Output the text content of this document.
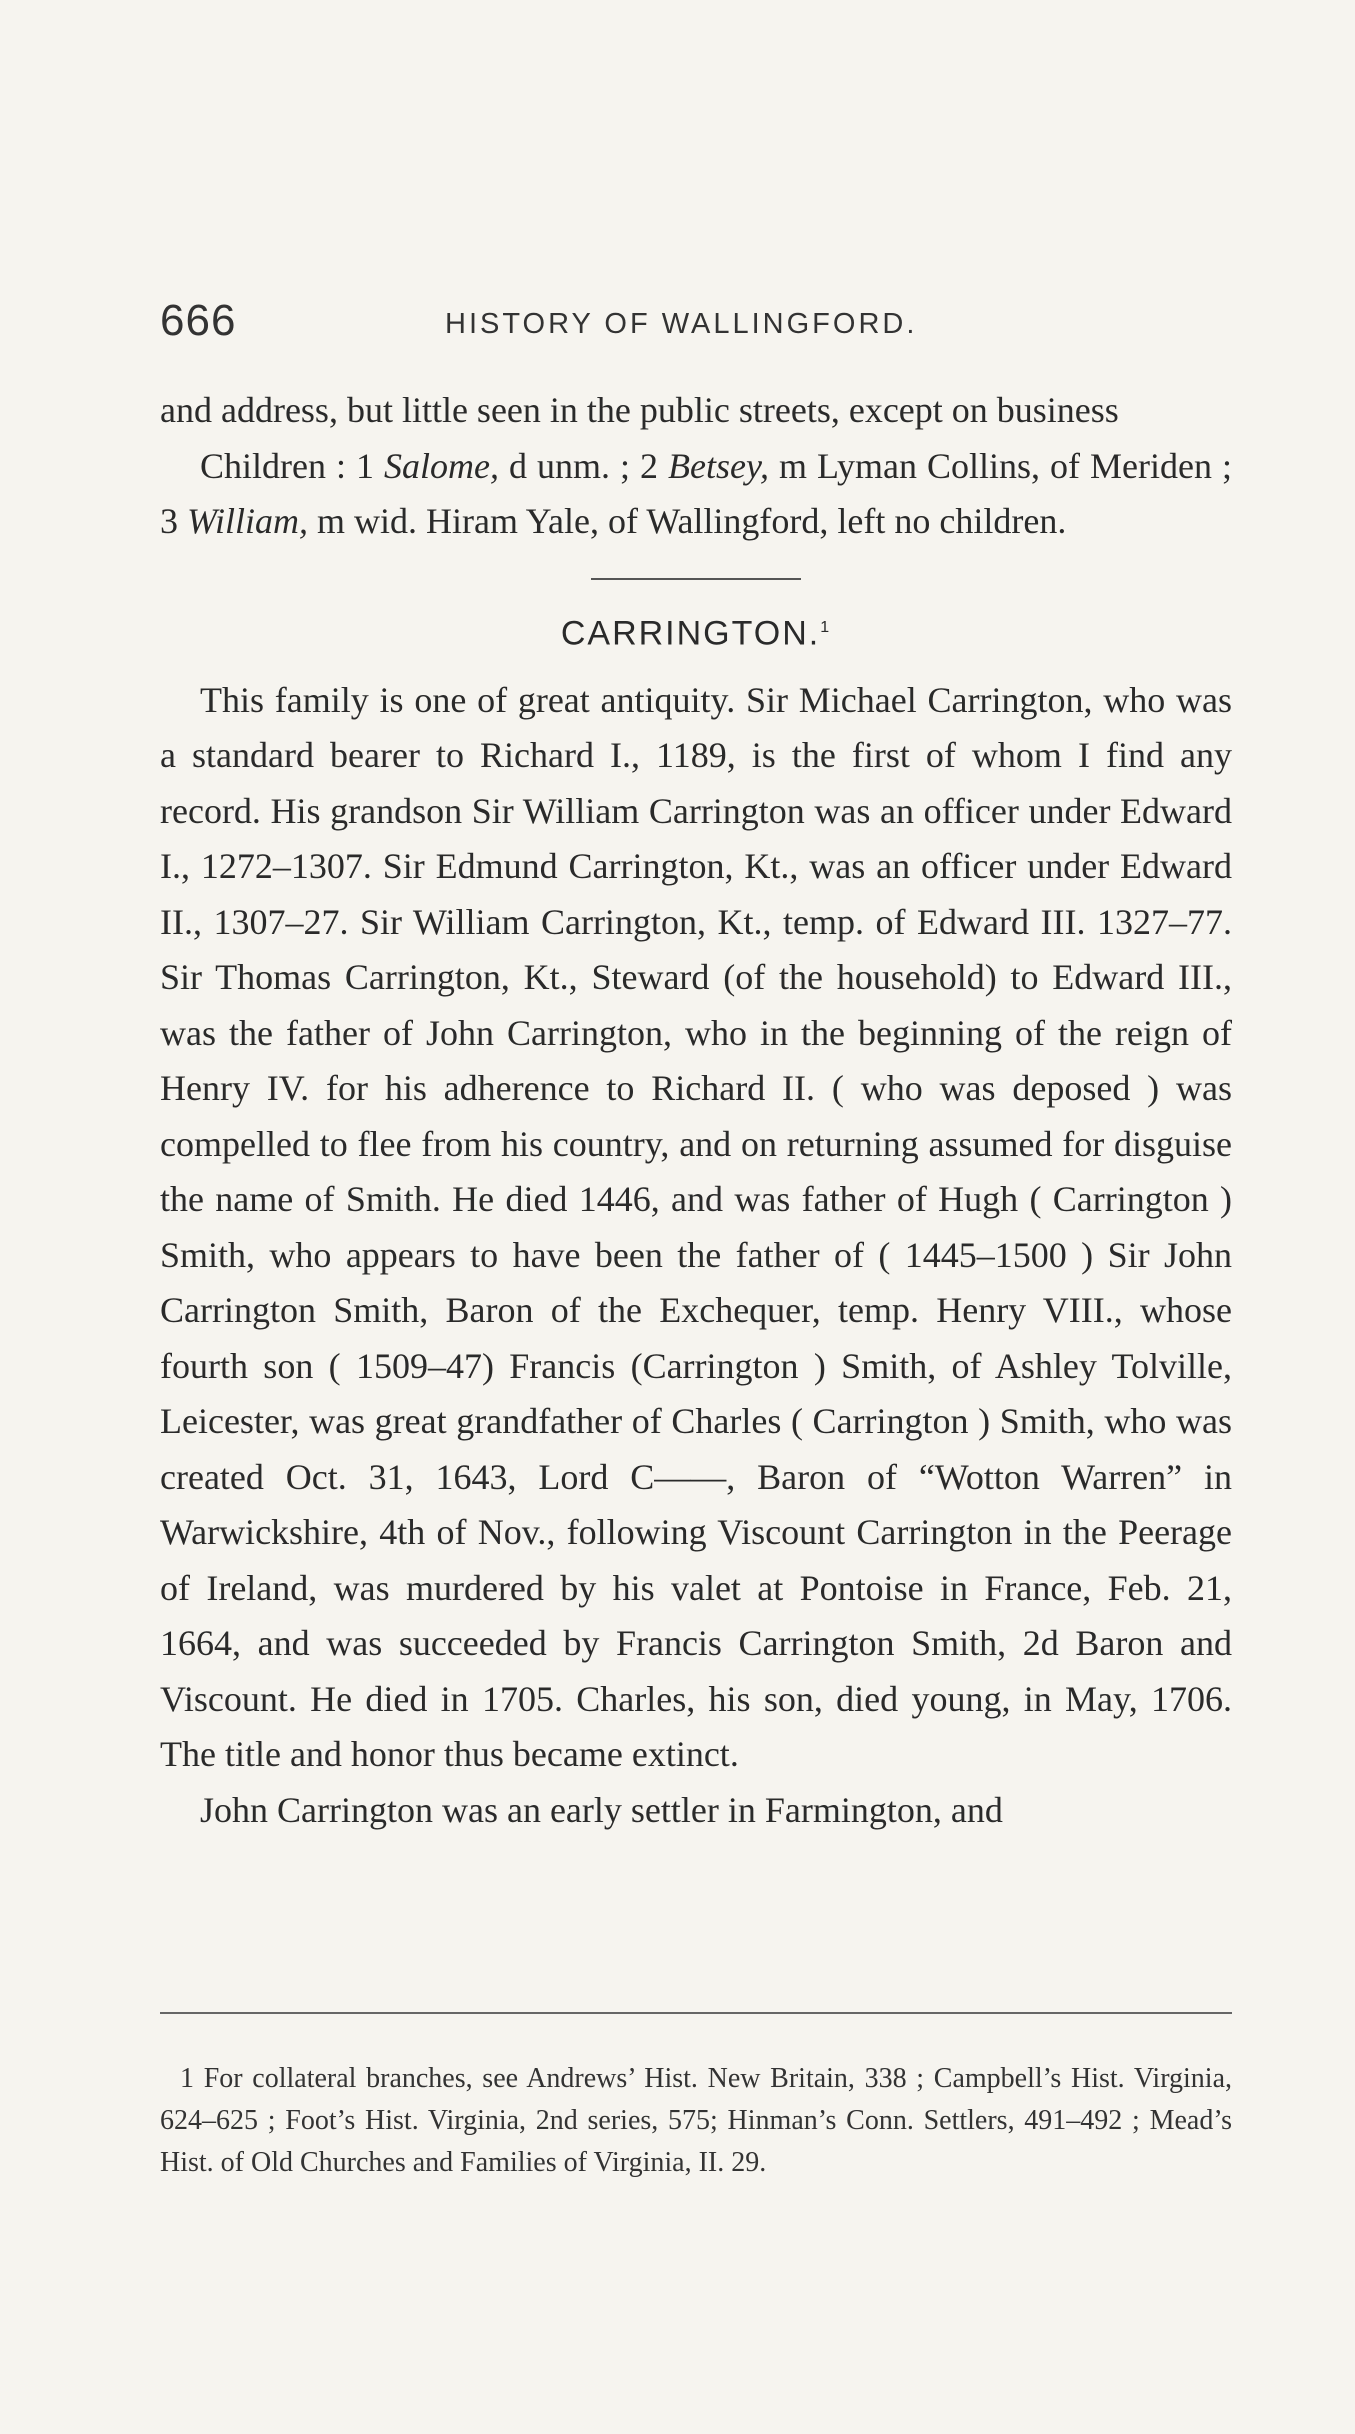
666	HISTORY OF WALLINGFORD.

and address, but little seen in the public streets, except on business

Children : 1 Salome, d unm. ; 2 Betsey, m Lyman Collins, of Meriden ; 3 William, m wid. Hiram Yale, of Wallingford, left no children.

CARRINGTON.$^1$

This family is one of great antiquity. Sir Michael Carrington, who was a standard bearer to Richard I., 1189, is the first of whom I find any record. His grandson Sir William Carrington was an officer under Edward I., 1272–1307. Sir Edmund Carrington, Kt., was an officer under Edward II., 1307–27. Sir William Carrington, Kt., temp. of Edward III. 1327–77. Sir Thomas Carrington, Kt., Steward (of the household) to Edward III., was the father of John Carrington, who in the beginning of the reign of Henry IV. for his adherence to Richard II. ( who was deposed ) was compelled to flee from his country, and on returning assumed for disguise the name of Smith. He died 1446, and was father of Hugh ( Carrington ) Smith, who appears to have been the father of ( 1445–1500 ) Sir John Carrington Smith, Baron of the Exchequer, temp. Henry VIII., whose fourth son ( 1509–47) Francis (Carrington ) Smith, of Ashley Tolville, Leicester, was great grandfather of Charles ( Carrington ) Smith, who was created Oct. 31, 1643, Lord C——, Baron of “Wotton Warren” in Warwickshire, 4th of Nov., following Viscount Carrington in the Peerage of Ireland, was murdered by his valet at Pontoise in France, Feb. 21, 1664, and was succeeded by Francis Carrington Smith, 2d Baron and Viscount. He died in 1705. Charles, his son, died young, in May, 1706. The title and honor thus became extinct.

John Carrington was an early settler in Farmington, and

1 For collateral branches, see Andrews’ Hist. New Britain, 338 ; Campbell’s Hist. Virginia, 624–625 ; Foot’s Hist. Virginia, 2nd series, 575; Hinman’s Conn. Settlers, 491–492 ; Mead’s Hist. of Old Churches and Families of Virginia, II. 29.
